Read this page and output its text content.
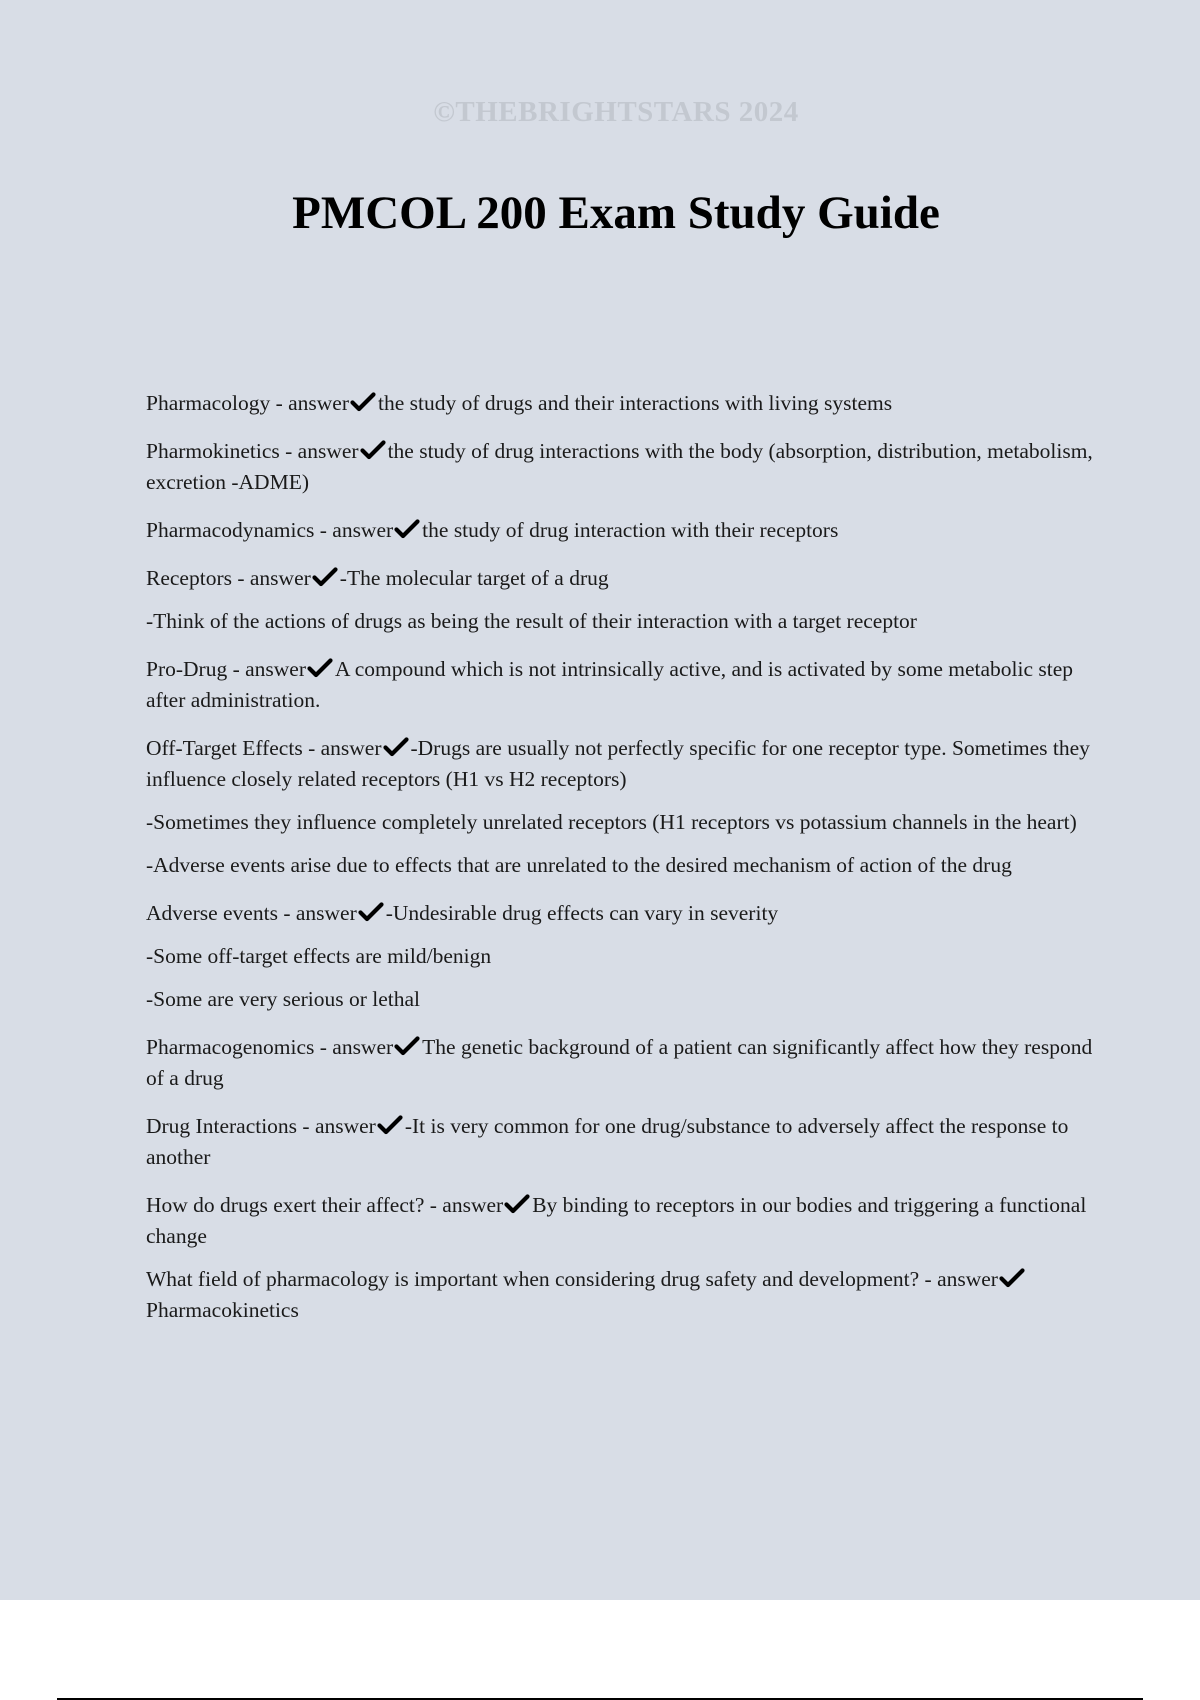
©THEBRIGHTSTARS 2024
PMCOL 200 Exam Study Guide

Pharmacology - answer the study of drugs and their interactions with living systems

Pharmokinetics - answer the study of drug interactions with the body (absorption, distribution, metabolism, excretion -ADME)

Pharmacodynamics - answer the study of drug interaction with their receptors

Receptors - answer -The molecular target of a drug

-Think of the actions of drugs as being the result of their interaction with a target receptor

Pro-Drug - answer A compound which is not intrinsically active, and is activated by some metabolic step after administration.

Off-Target Effects - answer -Drugs are usually not perfectly specific for one receptor type. Sometimes they influence closely related receptors (H1 vs H2 receptors)

-Sometimes they influence completely unrelated receptors (H1 receptors vs potassium channels in the heart)

-Adverse events arise due to effects that are unrelated to the desired mechanism of action of the drug

Adverse events - answer -Undesirable drug effects can vary in severity

-Some off-target effects are mild/benign

-Some are very serious or lethal

Pharmacogenomics - answer The genetic background of a patient can significantly affect how they respond of a drug

Drug Interactions - answer -It is very common for one drug/substance to adversely affect the response to another

How do drugs exert their affect? - answer By binding to receptors in our bodies and triggering a functional change

What field of pharmacology is important when considering drug safety and development? - answerPharmacokinetics
